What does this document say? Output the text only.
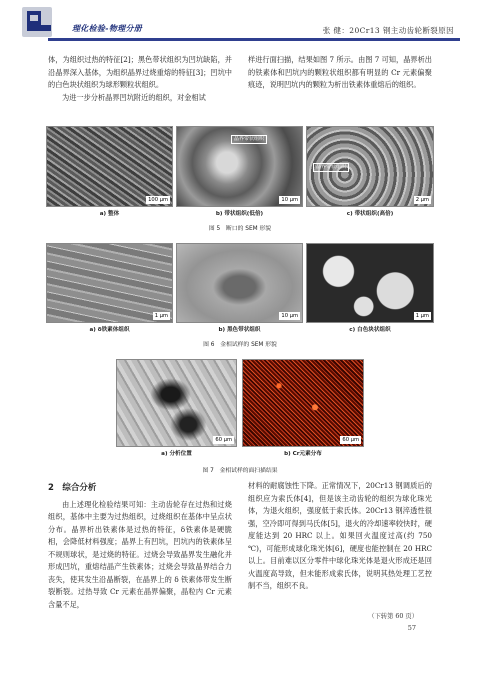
理化检验-物理分册	张 健：20Cr13 钢主动齿轮断裂原因

体，为组织过热的特征[2]；黑色带状组织为凹坑缺陷，并沿晶界深入基体，为组织晶界过烧重熔的特征[3]；凹坑中的白色块状组织为球形颗粒状组织。

为进一步分析晶界凹坑附近的组织，对金相试

样进行面扫描，结果如图 7 所示。由图 7 可知，晶界析出的铁素体和凹坑内的颗粒状组织都有明显的 Cr 元素偏聚痕迹，说明凹坑内的颗粒为析出铁素体重熔后的组织。

100 μm
晶界带状组织
10 μm
晶界带状组织
2 μm
a) 整体	b) 带状组织(低倍)	c) 带状组织(高倍)
图 5　断口的 SEM 形貌
1 μm	10 μm	1 μm
a) δ铁素体组织	b) 黑色带状组织	c) 白色块状组织
图 6　金相试样的 SEM 形貌
60 μm	60 μm
a) 分析位置	b) Cr元素分布
图 7　金相试样的面扫描结果

2　综合分析

由上述理化检验结果可知：主动齿轮存在过热和过烧组织，基体中主要为过热组织，过烧组织在基体中呈点状分布。晶界析出铁素体是过热的特征，δ铁素体是硬脆相，会降低材料强度；晶界上有凹坑，凹坑内的铁素体呈不规则球状，是过烧的特征。过烧会导致晶界发生融化并形成凹坑，重熔结晶产生铁素体；过烧会导致晶界结合力丧失，使其发生沿晶断裂，在晶界上的 δ 铁素体带发生断裂断裂。过热导致 Cr 元素在晶界偏聚，晶粒内 Cr 元素含量不足，

材料的耐腐蚀性下降。正常情况下，20Cr13 钢调质后的组织应为索氏体[4]，但是该主动齿轮的组织为球化珠光体，为退火组织，强度低于索氏体。20Cr13 钢淬透性很强，空冷即可得到马氏体[5]，退火的冷却速率较快时，硬度能达到 20 HRC 以上。如果回火温度过高(约 750 ℃)，可能形成球化珠光体[6]，硬度也能控制在 20 HRC 以上。目前难以区分零件中球化珠光体是退火形成还是回火温度高导致，但未能形成索氏体，说明其热处理工艺控制不当，组织不良。

（下转第 60 页）
57
